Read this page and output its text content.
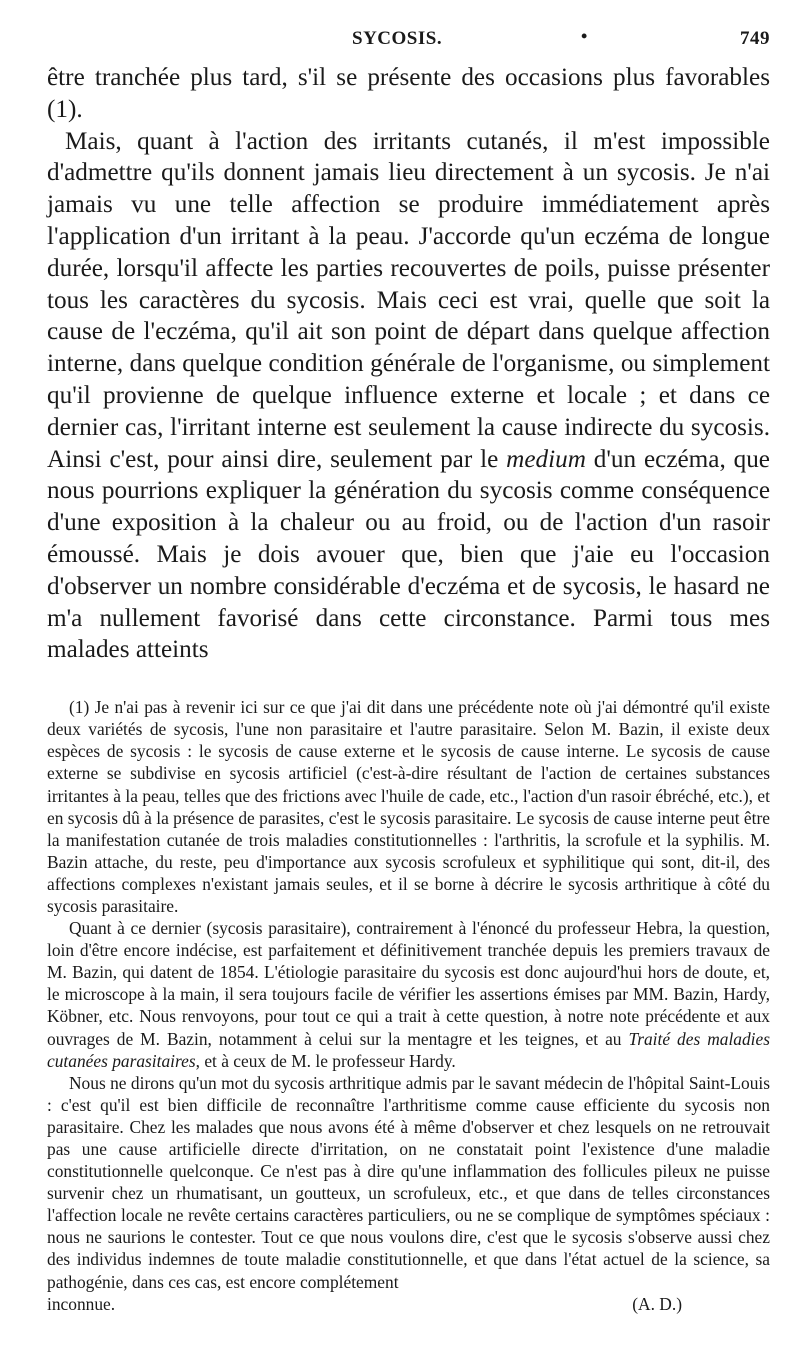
SYCOSIS.	•	749

être tranchée plus tard, s'il se présente des occasions plus favorables (1).

Mais, quant à l'action des irritants cutanés, il m'est impossible d'admettre qu'ils donnent jamais lieu directement à un sycosis. Je n'ai jamais vu une telle affection se produire immédiatement après l'application d'un irritant à la peau. J'accorde qu'un eczéma de longue durée, lorsqu'il affecte les parties recouvertes de poils, puisse présenter tous les caractères du sycosis. Mais ceci est vrai, quelle que soit la cause de l'eczéma, qu'il ait son point de départ dans quelque affection interne, dans quelque condition générale de l'organisme, ou simplement qu'il provienne de quelque influence externe et locale ; et dans ce dernier cas, l'irritant interne est seulement la cause indirecte du sycosis. Ainsi c'est, pour ainsi dire, seulement par le medium d'un eczéma, que nous pourrions expliquer la génération du sycosis comme conséquence d'une exposition à la chaleur ou au froid, ou de l'action d'un rasoir émoussé. Mais je dois avouer que, bien que j'aie eu l'occasion d'observer un nombre considérable d'eczéma et de sycosis, le hasard ne m'a nullement favorisé dans cette circonstance. Parmi tous mes malades atteints

(1) Je n'ai pas à revenir ici sur ce que j'ai dit dans une précédente note où j'ai démontré qu'il existe deux variétés de sycosis, l'une non parasitaire et l'autre parasitaire. Selon M. Bazin, il existe deux espèces de sycosis : le sycosis de cause externe et le sycosis de cause interne. Le sycosis de cause externe se subdivise en sycosis artificiel (c'est-à-dire résultant de l'action de certaines substances irritantes à la peau, telles que des frictions avec l'huile de cade, etc., l'action d'un rasoir ébréché, etc.), et en sycosis dû à la présence de parasites, c'est le sycosis parasitaire. Le sycosis de cause interne peut être la manifestation cutanée de trois maladies constitutionnelles : l'arthritis, la scrofule et la syphilis. M. Bazin attache, du reste, peu d'importance aux sycosis scrofuleux et syphilitique qui sont, dit-il, des affections complexes n'existant jamais seules, et il se borne à décrire le sycosis arthritique à côté du sycosis parasitaire.

Quant à ce dernier (sycosis parasitaire), contrairement à l'énoncé du professeur Hebra, la question, loin d'être encore indécise, est parfaitement et définitivement tranchée depuis les premiers travaux de M. Bazin, qui datent de 1854. L'étiologie parasitaire du sycosis est donc aujourd'hui hors de doute, et, le microscope à la main, il sera toujours facile de vérifier les assertions émises par MM. Bazin, Hardy, Köbner, etc. Nous renvoyons, pour tout ce qui a trait à cette question, à notre note précédente et aux ouvrages de M. Bazin, notamment à celui sur la mentagre et les teignes, et au Traité des maladies cutanées parasitaires, et à ceux de M. le professeur Hardy.

Nous ne dirons qu'un mot du sycosis arthritique admis par le savant médecin de l'hôpital Saint-Louis : c'est qu'il est bien difficile de reconnaître l'arthritisme comme cause efficiente du sycosis non parasitaire. Chez les malades que nous avons été à même d'observer et chez lesquels on ne retrouvait pas une cause artificielle directe d'irritation, on ne constatait point l'existence d'une maladie constitutionnelle quelconque. Ce n'est pas à dire qu'une inflammation des follicules pileux ne puisse survenir chez un rhumatisant, un goutteux, un scrofuleux, etc., et que dans de telles circonstances l'affection locale ne revête certains caractères particuliers, ou ne se complique de symptômes spéciaux : nous ne saurions le contester. Tout ce que nous voulons dire, c'est que le sycosis s'observe aussi chez des individus indemnes de toute maladie constitutionnelle, et que dans l'état actuel de la science, sa pathogénie, dans ces cas, est encore complétement

inconnue.	(A. D.)
